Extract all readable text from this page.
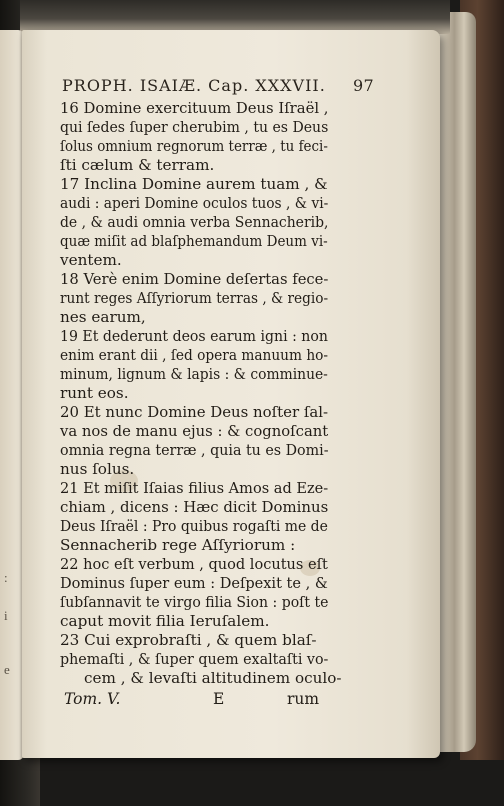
:
i
e
PROPH. ISAIÆ. Cap. XXXVII. 97
16 Domine exercituum Deus Iſraël ,
qui ſedes ſuper cherubim , tu es Deus
ſolus omnium regnorum terræ , tu feci-
ſti cælum & terram.
17 Inclina Domine aurem tuam , &
audi : aperi Domine oculos tuos , & vi-
de , & audi omnia verba Sennacherib,
quæ miſit ad blaſphemandum Deum vi-
ventem.
18 Verè enim Domine deſertas fece-
runt reges Aſſyriorum terras , & regio-
nes earum,
19 Et dederunt deos earum igni : non
enim erant dii , ſed opera manuum ho-
minum, lignum & lapis : & comminue-
runt eos.
20 Et nunc Domine Deus noſter ſal-
va nos de manu ejus : & cognoſcant
omnia regna terræ , quia tu es Domi-
nus ſolus.
21 Et miſit Iſaias filius Amos ad Eze-
chiam , dicens : Hæc dicit Dominus
Deus Iſraël : Pro quibus rogaſti me de
Sennacherib rege Aſſyriorum :
22 hoc eſt verbum , quod locutus eſt
Dominus ſuper eum : Deſpexit te , &
ſubſannavit te virgo filia Sion : poſt te
caput movit filia Ieruſalem.
23 Cui exprobraſti , & quem blaſ-
phemaſti , & ſuper quem exaltaſti vo-
cem , & levaſti altitudinem oculo-
Tom. V.	E	rum
